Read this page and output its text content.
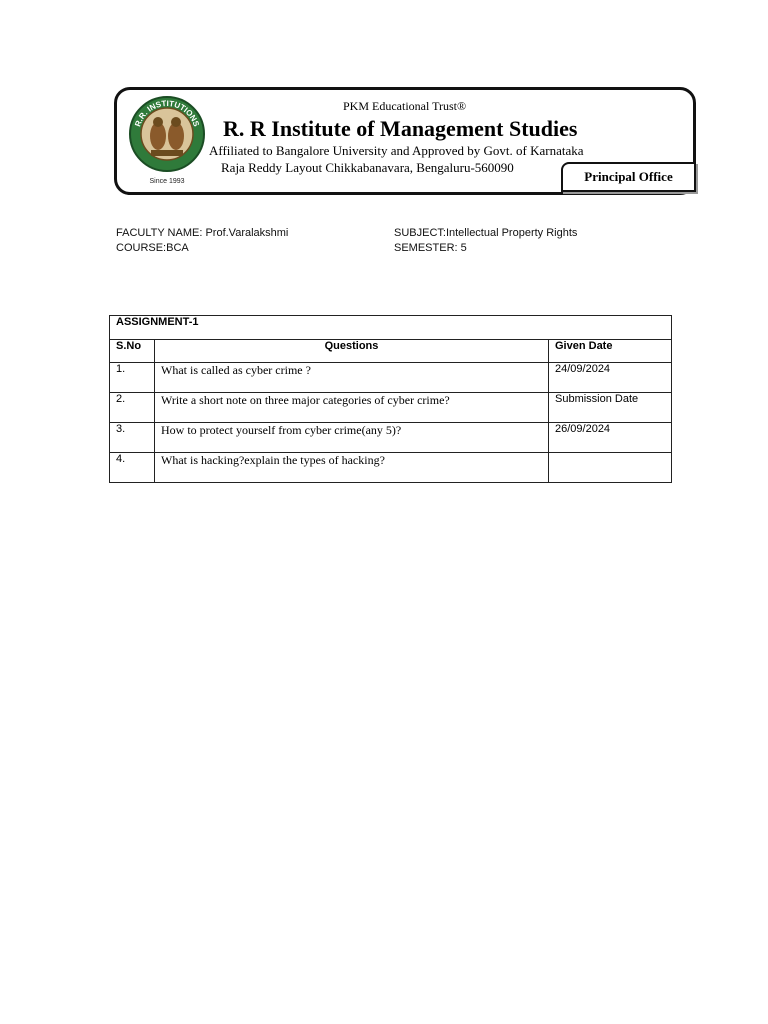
R.R. INSTITUTIONS
Since 1993
PKM Educational Trust®
R. R Institute of Management Studies
Affiliated to Bangalore University and Approved by Govt. of Karnataka
Raja Reddy Layout Chikkabanavara, Bengaluru-560090
Principal Office
FACULTY NAME: Prof.Varalakshmi
COURSE:BCA
SUBJECT:Intellectual Property Rights
SEMESTER: 5
ASSIGNMENT-1		
S.No	Questions	Given Date
1.	What is called as cyber crime ?	24/09/2024
2.	Write a short note on three major categories of cyber crime?	Submission Date
3.	How to protect yourself from cyber crime(any 5)?	26/09/2024
4.	What is hacking?explain the types of hacking?	
